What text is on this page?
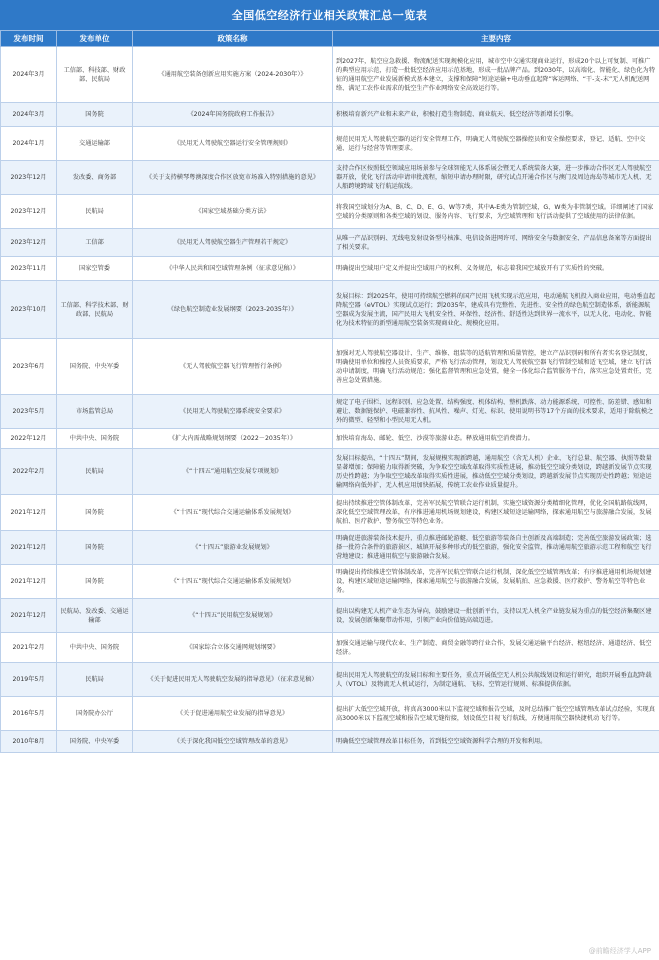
全国低空经济行业相关政策汇总一览表
发布时间	发布单位	政策名称	主要内容
2024年3月	工信部、科技部、财政部、民航局	《通用航空装备创新应用实施方案（2024-2030年）》	到2027年，航空应急救援、物流配送实现规模化应用，城市空中交通实现商业运行，形成20个以上可复制、可推广的典型应用示范，打造一批低空经济应用示范基地，形成一批品牌产品。到2030年，以高端化、智能化、绿色化为特征的通用航空产业发展新模式基本建立，支撑和保障“短途运输+电动垂直起降”客运网络、“干-支-末”无人机配送网络、满足工农作业需求的低空生产作业网络安全高效运行等。
2024年3月	国务院	《2024年国务院政府工作报告》	积极培育新兴产业和未来产业，积极打造生物制造、商业航天、低空经济等新增长引擎。
2024年1月	交通运输部	《民用无人驾驶航空器运行安全管理规则》	规范民用无人驾驶航空器的运行安全管理工作，明确无人驾驶航空器操控员和安全操控要求，登记、适航、空中交通、运行与经营等管理要求。
2023年12月	发改委、商务部	《关于支持横琴粤澳深度合作区放宽市场准入特别措施的意见》	支持合作区按照低空领域应用场景参与全球智能无人体系展会暨无人系统装备大赛，进一步推动合作区无人驾驶航空器开放，优化飞行活动申请审批流程，缩短申请办理时限，研究试点开通合作区与澳门及周边海岛等城市无人机、无人船跨境跨域飞行航运航线。
2023年12月	民航局	《国家空域基础分类方法》	将我国空域划分为A、B、C、D、E、G、W等7类，其中A-E类为管制空域，G、W类为非管制空域。详细阐述了国家空域的分类原则和各类空域的划设、服务内容、飞行要求，为空域管理和飞行活动提供了空域使用的法律依据。
2023年12月	工信部	《民用无人驾驶航空器生产管理若干规定》	从唯一产品识别码、无线电发射设备型号核准、电信设备进网许可、网络安全与数据安全、产品信息备案等方面提出了相关要求。
2023年11月	国家空管委	《中华人民共和国空域管理条例（征求意见稿）》	明确提出空域用户定义并提出空域用户的权利、义务规范，标志着我国空域放开有了实质性的突破。
2023年10月	工信部、科学技术部、财政部、民航局	《绿色航空制造业发展纲要（2023-2035年）》	发展目标：到2025年，使用可持续航空燃料的国产民用飞机实现示范应用，电动通航飞机投入商业应用，电动垂直起降航空器（eVTOL）实现试点运行；到2035年，建成具有完整性、先进性、安全性的绿色航空制造体系，新能源航空器成为发展主流，国产民用大飞机安全性、环保性、经济性、舒适性达到世界一流水平，以无人化、电动化、智能化为技术特征的新型通用航空装备实现商业化、规模化应用。
2023年6月	国务院、中央军委	《无人驾驶航空器飞行管理暂行条例》	加强对无人驾驶航空器设计、生产、维修、组装等的适航管理和质量管控，建立产品识别码和所有者实名登记制度，明确使用单位和操控人员资质要求，严格飞行活动管理，划设无人驾驶航空器飞行管制空域和适飞空域，建立飞行活动申请制度，明确飞行活动规范；强化监督管理和应急处置，健全一体化综合监管服务平台，落实应急处置责任，完善应急处置措施。
2023年5月	市场监管总局	《民用无人驾驶航空器系统安全要求》	规定了电子围栏、远程识别、应急处置、结构强度、机体结构、整机跌落、动力能源系统、可控性、防差错、感知和避让、数据链保护、电磁兼容性、抗风性、噪声、灯光、标识、使用说明书等17个方面的技术要求，适用于除航模之外的微型、轻型和小型民用无人机。
2022年12月	中共中央、国务院	《扩大内需战略规划纲要（2022－2035年）》	加快培育海岛、邮轮、低空、沙漠等旅游业态。释放通用航空消费潜力。
2022年2月	民航局	《“十四五”通用航空发展专项规划》	发展目标提出，“十四五”期间，发展规模实现新跨越，通用航空（含无人机）企业、飞行总量、航空器、执照等数量显著增加；保障能力取得新突破，为争取空空域改革取得实质性进展，推动低空空域分类划设，跨越新发展节点实现历史性跨越；为争取空空域改革取得实质性进展，推动低空空域分类划设，跨越新发展节点实现历史性跨越；短途运输网络向低外扩，无人机应用加快拓展，传统工农业作业质量提升。
2021年12月	国务院	《“十四五”现代综合交通运输体系发展规划》	提出持续推进空管体制改革，完善军民航空管联合运行机制，实施空域资源分类精细化管理，优化全国航路航线网，深化低空空域管理改革，有序推进通用机场规划建设，构建区域短途运输网络，探索通用航空与旅游融合发展，发展航拍、医疗救护、警务航空等特色业务。
2021年12月	国务院	《“十四五”旅游业发展规划》	明确促进旅游装备技术提升，重点推进邮轮游艇、低空旅游等装备自主创新及高端制造；完善低空旅游发展政策；选择一批符合条件的旅游景区、城镇开展多种形式的低空旅游，强化安全监管，推动通用航空旅游示范工程和航空飞行营地建设；推进通用航空与旅游融合发展。
2021年12月	国务院	《“十四五”现代综合交通运输体系发展规划》	明确提出持续推进空管体制改革，完善军民航空管联合运行机制，深化低空空域管理改革；有序推进通用机场规划建设，构建区域短途运输网络，探索通用航空与旅游融合发展，发展航拍、应急救援、医疗救护、警务航空等特色业务。
2021年12月	民航局、发改委、交通运输部	《“十四五”民用航空发展规划》	提出以构建无人机产业生态为导向，鼓励建设一批创新平台，支持以无人机全产业链发展为重点的低空经济集聚区建设，发展创新集聚带动作用，引领产业向价值链高端迈进。
2021年2月	中共中央、国务院	《国家综合立体交通网规划纲要》	加强交通运输与现代农业、生产制造、商贸金融等跨行业合作，发展交通运输平台经济、枢纽经济、通道经济、低空经济。
2019年5月	民航局	《关于促进民用无人驾驶航空发展的指导意见》（征求意见稿）	提出民用无人驾驶航空的发展目标和主要任务，重点开展低空无人机公共航线划设和运行研究，组织开展垂直起降载人（VTOL）及物流无人机试运行，为制定通航、飞标、空管运行规则、标准提供依据。
2016年5月	国务院办公厅	《关于促进通用航空业发展的指导意见》	提出扩大低空空域开放，将真高3000米以下监视空域和报告空域，及时总结推广低空空域管理改革试点经验，实现真高3000米以下监视空域和报告空域无缝衔接，划设低空目视飞行航线，方便通用航空器快捷机动飞行等。
2010年8月	国务院、中央军委	《关于深化我国低空空域管理改革的意见》	明确低空空域管理改革目标任务，首到低空空域资源科学合理的开发和利用。
@前瞻经济学人APP
